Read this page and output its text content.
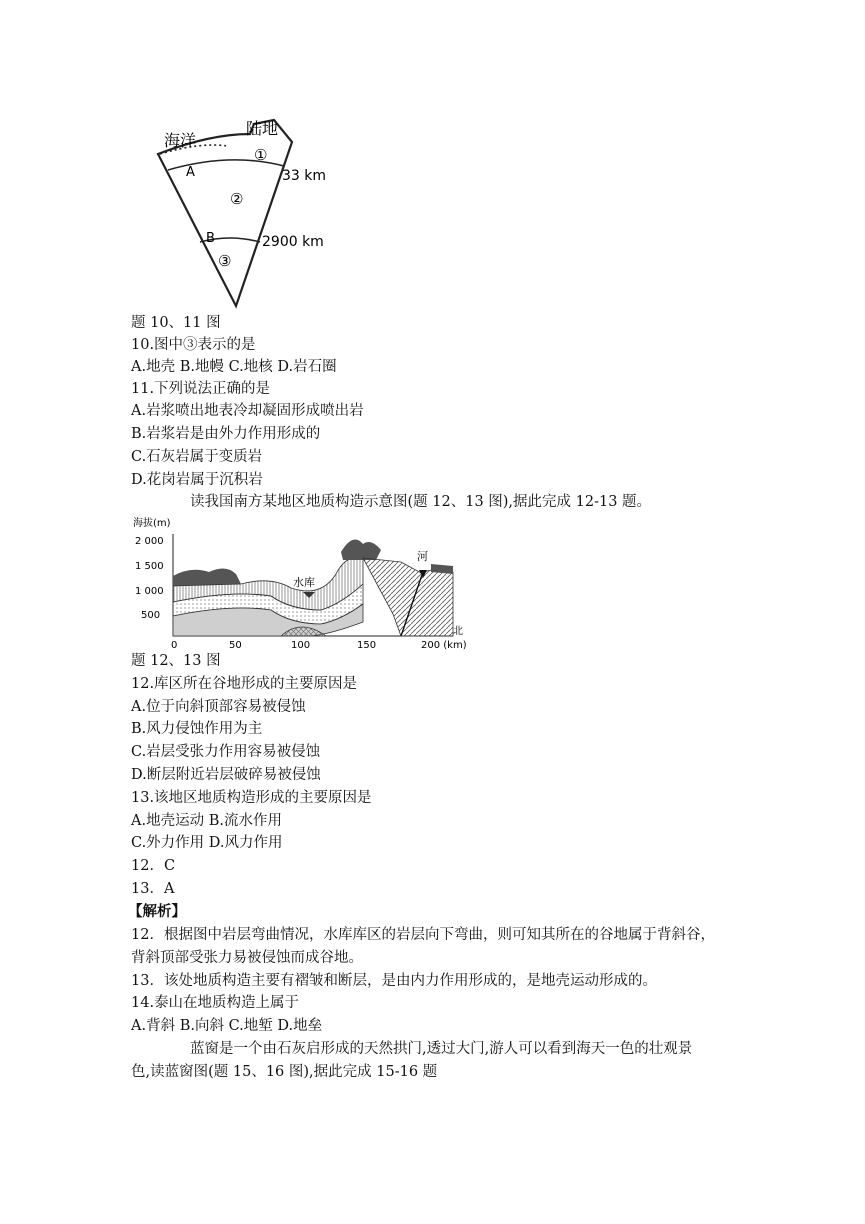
海洋
陆地
①
②
③
A
B
33 km
2900 km
题 10、11 图
10.图中③表示的是
A.地壳 B.地幔 C.地核 D.岩石圈
11.下列说法正确的是
A.岩浆喷出地表冷却凝固形成喷出岩
B.岩浆岩是由外力作用形成的
C.石灰岩属于变质岩
D.花岗岩属于沉积岩
读我国南方某地区地质构造示意图(题 12、13 图),据此完成 12-13 题。
海拔(m)
2 000
1 500
1 000
500
水库
河
北
0	50	100	150	200 (km)
题 12、13 图
12.库区所在谷地形成的主要原因是
A.位于向斜顶部容易被侵蚀
B.风力侵蚀作用为主
C.岩层受张力作用容易被侵蚀
D.断层附近岩层破碎易被侵蚀
13.该地区地质构造形成的主要原因是
A.地壳运动 B.流水作用
C.外力作用 D.风力作用
12．C
13．A
【解析】
12．根据图中岩层弯曲情况，水库库区的岩层向下弯曲，则可知其所在的谷地属于背斜谷，
背斜顶部受张力易被侵蚀而成谷地。
13．该处地质构造主要有褶皱和断层，是由内力作用形成的，是地壳运动形成的。
14.泰山在地质构造上属于
A.背斜 B.向斜 C.地堑 D.地垒
蓝窗是一个由石灰启形成的天然拱门,透过大门,游人可以看到海天一色的壮观景
色,读蓝窗图(题 15、16 图),据此完成 15-16 题
